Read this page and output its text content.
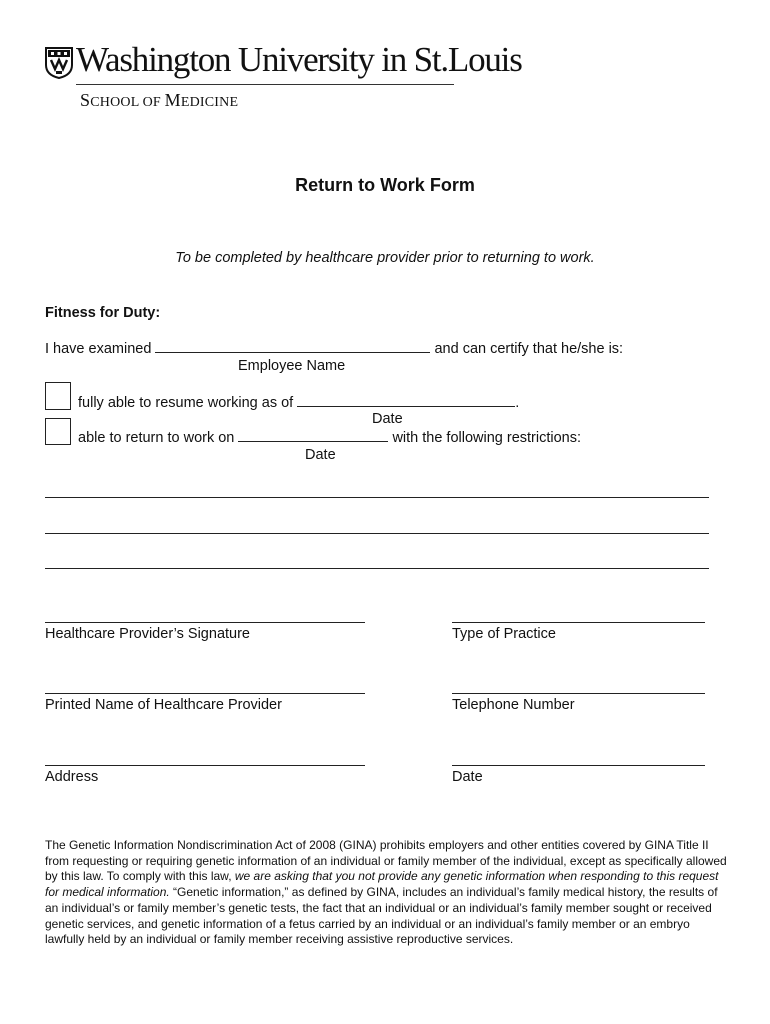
Washington University in St.Louis
SCHOOL OF MEDICINE
Return to Work Form
To be completed by healthcare provider prior to returning to work.
Fitness for Duty:
I have examined	and can certify that he/she is:
Employee Name
fully able to resume working as of	.
Date
able to return to work on	with the following restrictions:
Date
Healthcare Provider’s Signature	Type of Practice
Printed Name of Healthcare Provider	Telephone Number
Address	Date
The Genetic Information Nondiscrimination Act of 2008 (GINA) prohibits employers and other entities covered by GINA Title II from requesting or requiring genetic information of an individual or family member of the individual, except as specifically allowed by this law. To comply with this law, we are asking that you not provide any genetic information when responding to this request for medical information. “Genetic information,” as defined by GINA, includes an individual’s family medical history, the results of an individual’s or family member’s genetic tests, the fact that an individual or an individual’s family member sought or received genetic services, and genetic information of a fetus carried by an individual or an individual’s family member or an embryo lawfully held by an individual or family member receiving assistive reproductive services.
